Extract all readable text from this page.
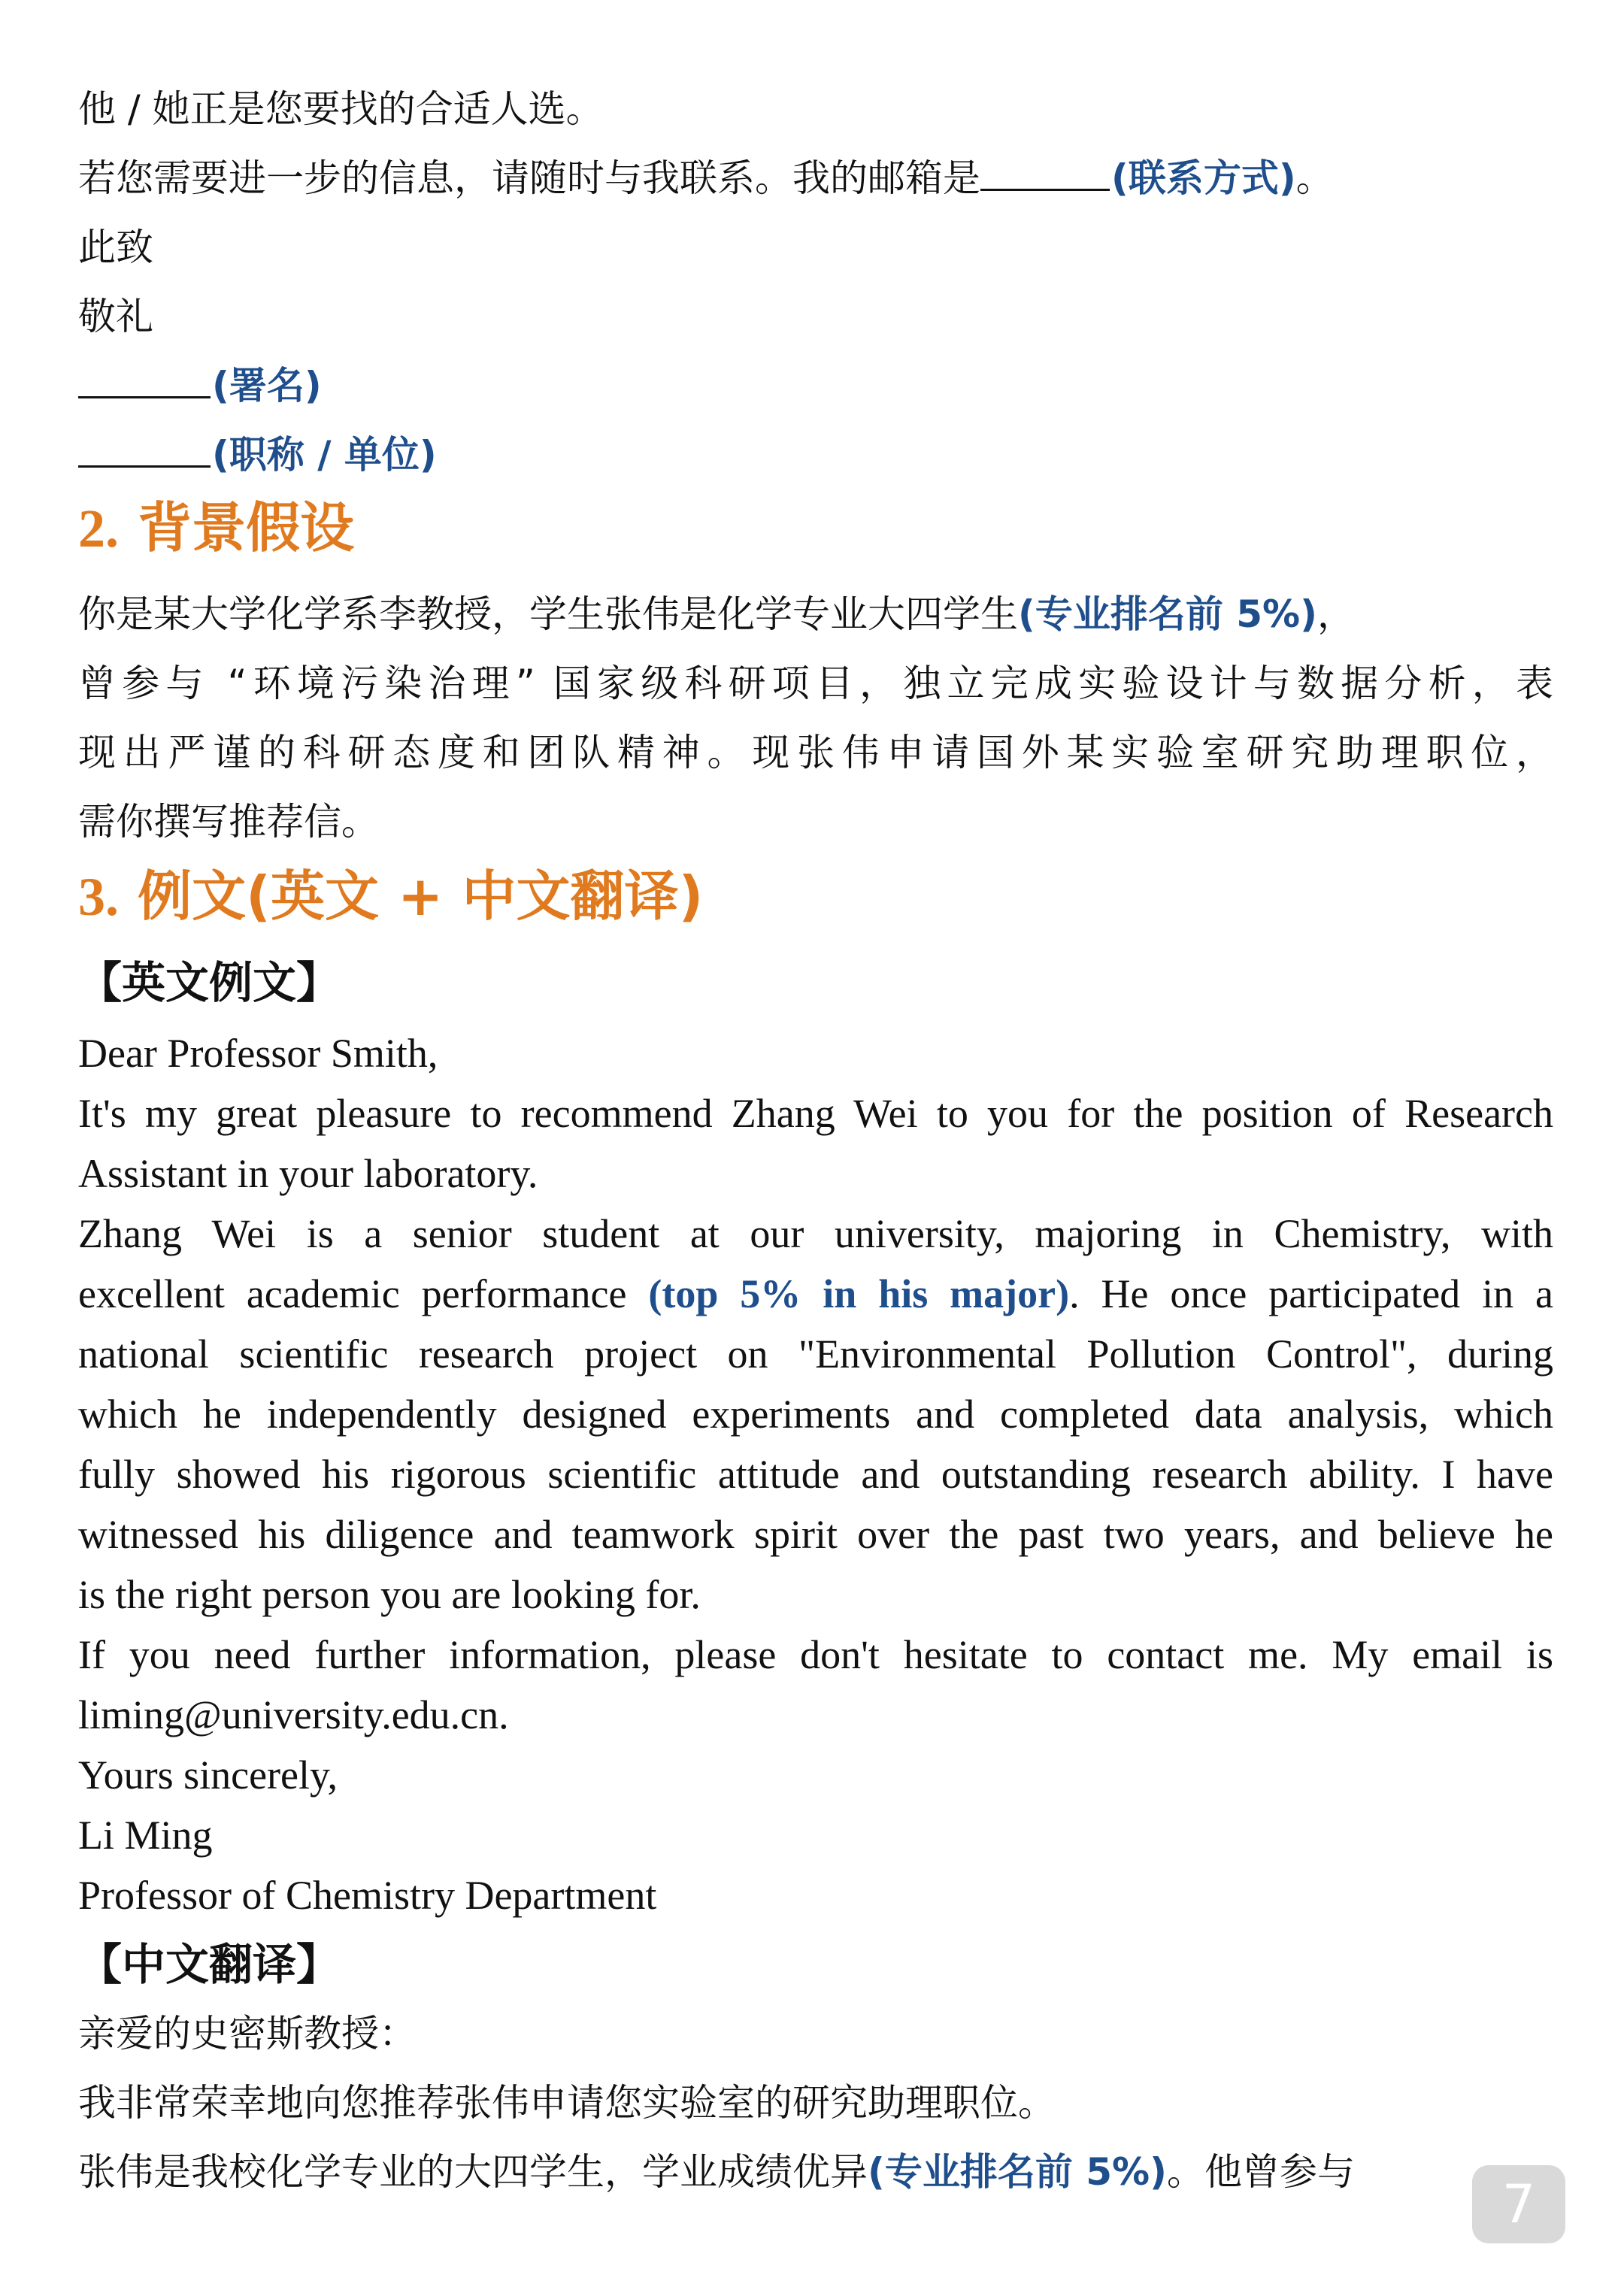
他 / 她正是您要找的合适人选。
若您需要进一步的信息，请随时与我联系。我的邮箱是	(联系方式)。
此致
敬礼
(署名)
(职称 / 单位)
2. 背景假设
你是某大学化学系李教授，学生张伟是化学专业大四学生(专业排名前 5%)，
曾参与 “环境污染治理” 国家级科研项目，独立完成实验设计与数据分析，表
现出严谨的科研态度和团队精神。现张伟申请国外某实验室研究助理职位，
需你撰写推荐信。
3. 例文(英文 + 中文翻译)
【英文例文】
Dear Professor Smith,
It's my great pleasure to recommend Zhang Wei to you for the position of Research
Assistant in your laboratory.
Zhang Wei is a senior student at our university, majoring in Chemistry, with
excellent academic performance (top 5% in his major). He once participated in a
national scientific research project on "Environmental Pollution Control", during
which he independently designed experiments and completed data analysis, which
fully showed his rigorous scientific attitude and outstanding research ability. I have
witnessed his diligence and teamwork spirit over the past two years, and believe he
is the right person you are looking for.
If you need further information, please don't hesitate to contact me. My email is
liming@university.edu.cn.
Yours sincerely,
Li Ming
Professor of Chemistry Department
【中文翻译】
亲爱的史密斯教授：
我非常荣幸地向您推荐张伟申请您实验室的研究助理职位。
张伟是我校化学专业的大四学生，学业成绩优异(专业排名前 5%)。他曾参与
7
